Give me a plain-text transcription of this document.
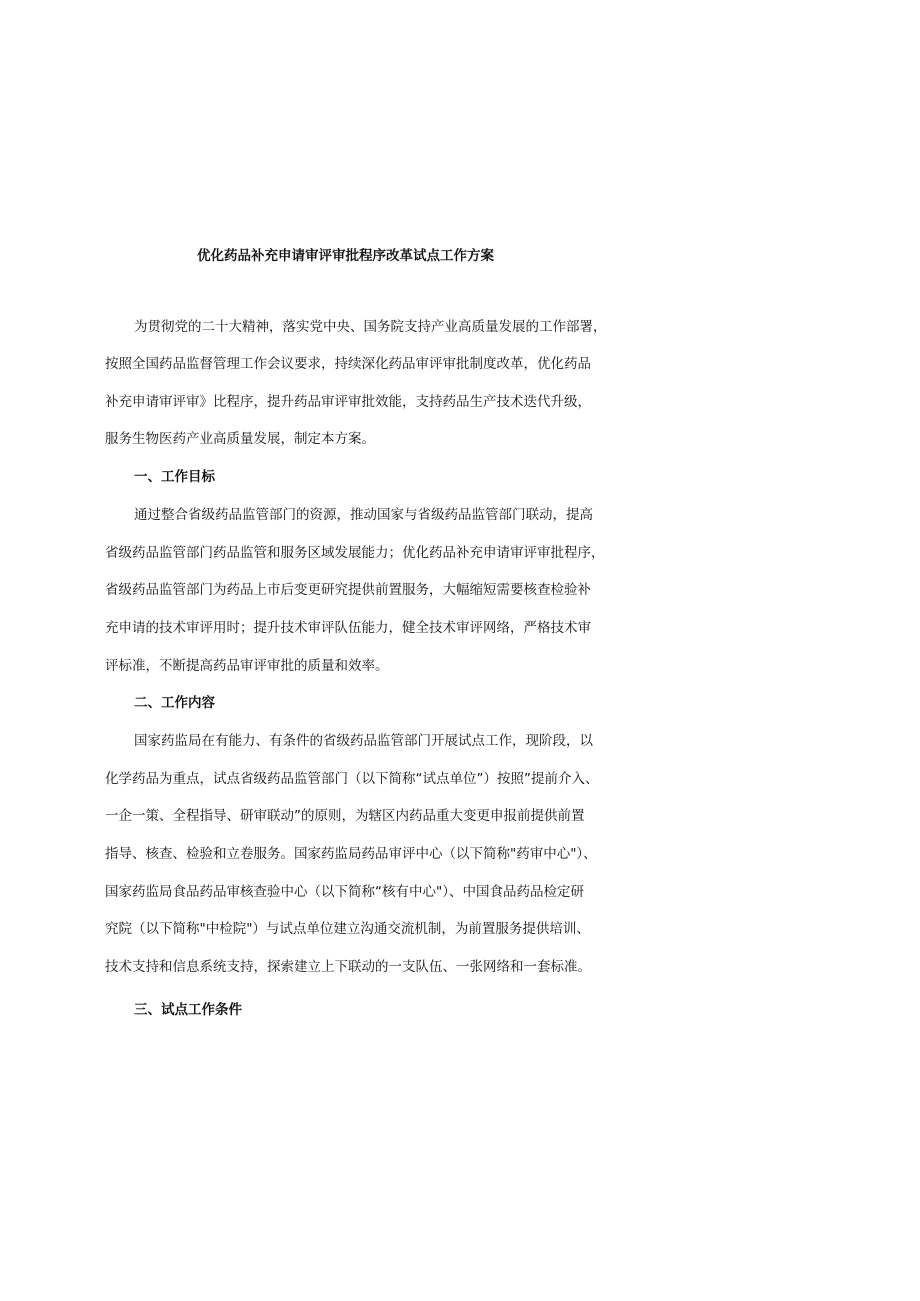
优化药品补充申请审评审批程序改革试点工作方案
为贯彻党的二十大精神，落实党中央、国务院支持产业高质量发展的工作部署，
按照全国药品监督管理工作会议要求，持续深化药品审评审批制度改革，优化药品
补充申请审评审》比程序，提升药品审评审批效能，支持药品生产技术迭代升级，
服务生物医药产业高质量发展，制定本方案。
一、工作目标
通过整合省级药品监管部门的资源，推动国家与省级药品监管部门联动，提高
省级药品监管部门药品监管和服务区域发展能力；优化药品补充申请审评审批程序，
省级药品监管部门为药品上市后变更研究提供前置服务，大幅缩短需要核查检验补
充申请的技术审评用时；提升技术审评队伍能力，健全技术审评网络，严格技术审
评标准，不断提高药品审评审批的质量和效率。
二、工作内容
国家药监局在有能力、有条件的省级药品监管部门开展试点工作，现阶段，以
化学药品为重点，试点省级药品监管部门（以下简称“试点单位”）按照”提前介入、
一企一策、全程指导、研审联动”的原则，为辖区内药品重大变更申报前提供前置
指导、核查、检验和立卷服务。国家药监局药品审评中心（以下简称"药审中心"）、
国家药监局食品药品审核查验中心（以下简称“核有中心"）、中国食品药品检定研
究院（以下简称"中检院"）与试点单位建立沟通交流机制，为前置服务提供培训、
技术支持和信息系统支持，探索建立上下联动的一支队伍、一张网络和一套标准。
三、试点工作条件
